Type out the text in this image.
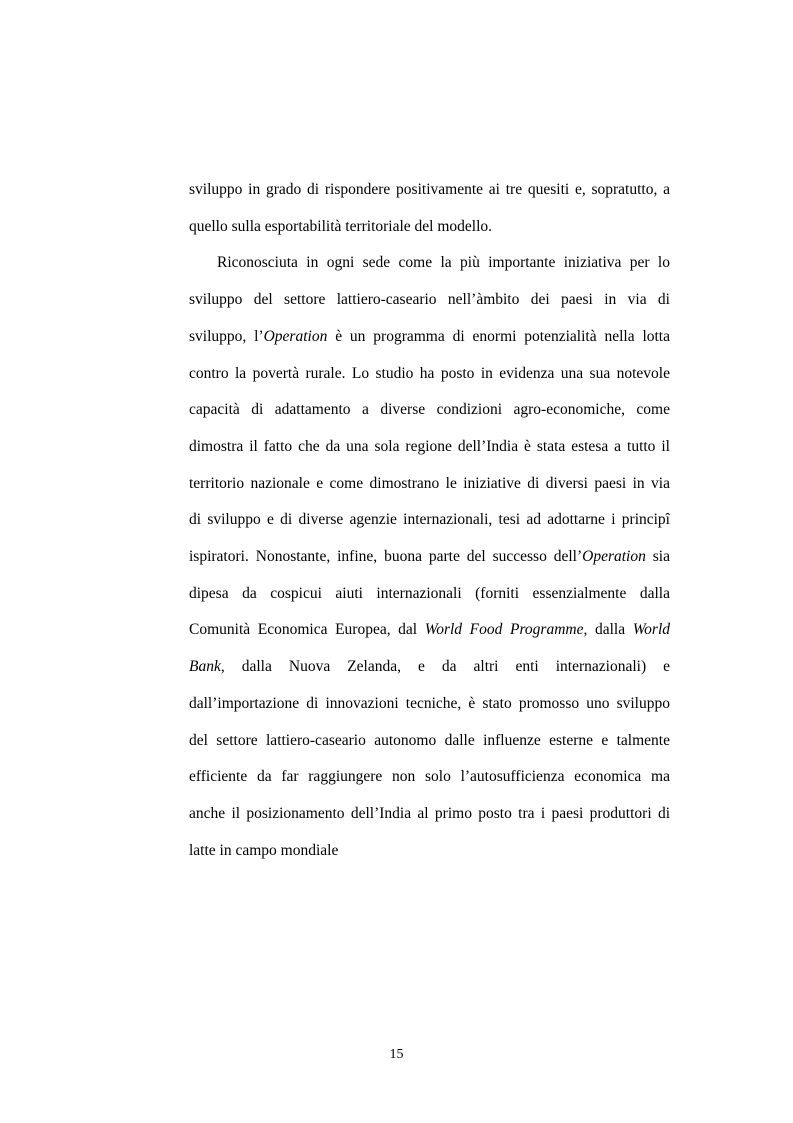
sviluppo in grado di rispondere positivamente ai tre quesiti e, sopratutto, a
quello sulla esportabilità territoriale del modello.
Riconosciuta in ogni sede come la più importante iniziativa per lo
sviluppo del settore lattiero-caseario nell’àmbito dei paesi in via di
sviluppo, l’Operation è un programma di enormi potenzialità nella lotta
contro la povertà rurale. Lo studio ha posto in evidenza una sua notevole
capacità di adattamento a diverse condizioni agro-economiche, come
dimostra il fatto che da una sola regione dell’India è stata estesa a tutto il
territorio nazionale e come dimostrano le iniziative di diversi paesi in via
di sviluppo e di diverse agenzie internazionali, tesi ad adottarne i principî
ispiratori. Nonostante, infine, buona parte del successo dell’Operation sia
dipesa da cospicui aiuti internazionali (forniti essenzialmente dalla
Comunità Economica Europea, dal World Food Programme, dalla World
Bank, dalla Nuova Zelanda, e da altri enti internazionali) e
dall’importazione di innovazioni tecniche, è stato promosso uno sviluppo
del settore lattiero-caseario autonomo dalle influenze esterne e talmente
efficiente da far raggiungere non solo l’autosufficienza economica ma
anche il posizionamento dell’India al primo posto tra i paesi produttori di
latte in campo mondiale
15
